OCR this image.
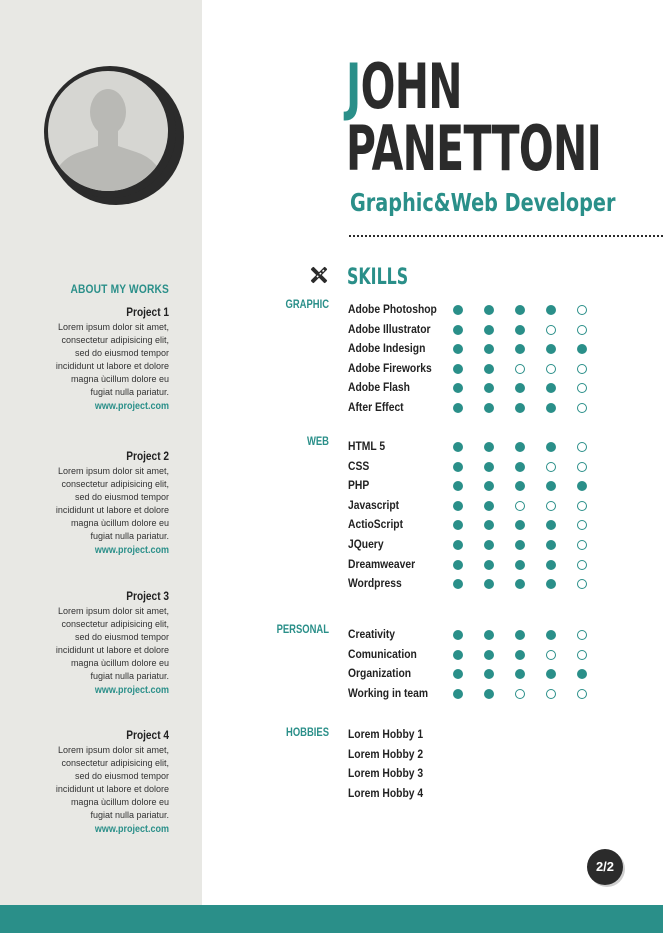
ABOUT MY WORKS
Project 1
Lorem ipsum dolor sit amet,
consectetur adipisicing elit,
sed do eiusmod tempor
incididunt ut labore et dolore
magna ùcillum dolore eu
fugiat nulla pariatur.
www.project.com
Project 2
Lorem ipsum dolor sit amet,
consectetur adipisicing elit,
sed do eiusmod tempor
incididunt ut labore et dolore
magna ùcillum dolore eu
fugiat nulla pariatur.
www.project.com
Project 3
Lorem ipsum dolor sit amet,
consectetur adipisicing elit,
sed do eiusmod tempor
incididunt ut labore et dolore
magna ùcillum dolore eu
fugiat nulla pariatur.
www.project.com
Project 4
Lorem ipsum dolor sit amet,
consectetur adipisicing elit,
sed do eiusmod tempor
incididunt ut labore et dolore
magna ùcillum dolore eu
fugiat nulla pariatur.
www.project.com
JOHN
PANETTONI
Graphic&Web Developer
SKILLS
GRAPHIC Adobe Photoshop
Adobe Illustrator
Adobe Indesign
Adobe Fireworks
Adobe Flash
After Effect
WEB HTML 5
CSS
PHP
Javascript
ActioScript
JQuery
Dreamweaver
Wordpress
PERSONAL Creativity
Comunication
Organization
Working in team
HOBBIES Lorem Hobby 1
Lorem Hobby 2
Lorem Hobby 3
Lorem Hobby 4
2/2
